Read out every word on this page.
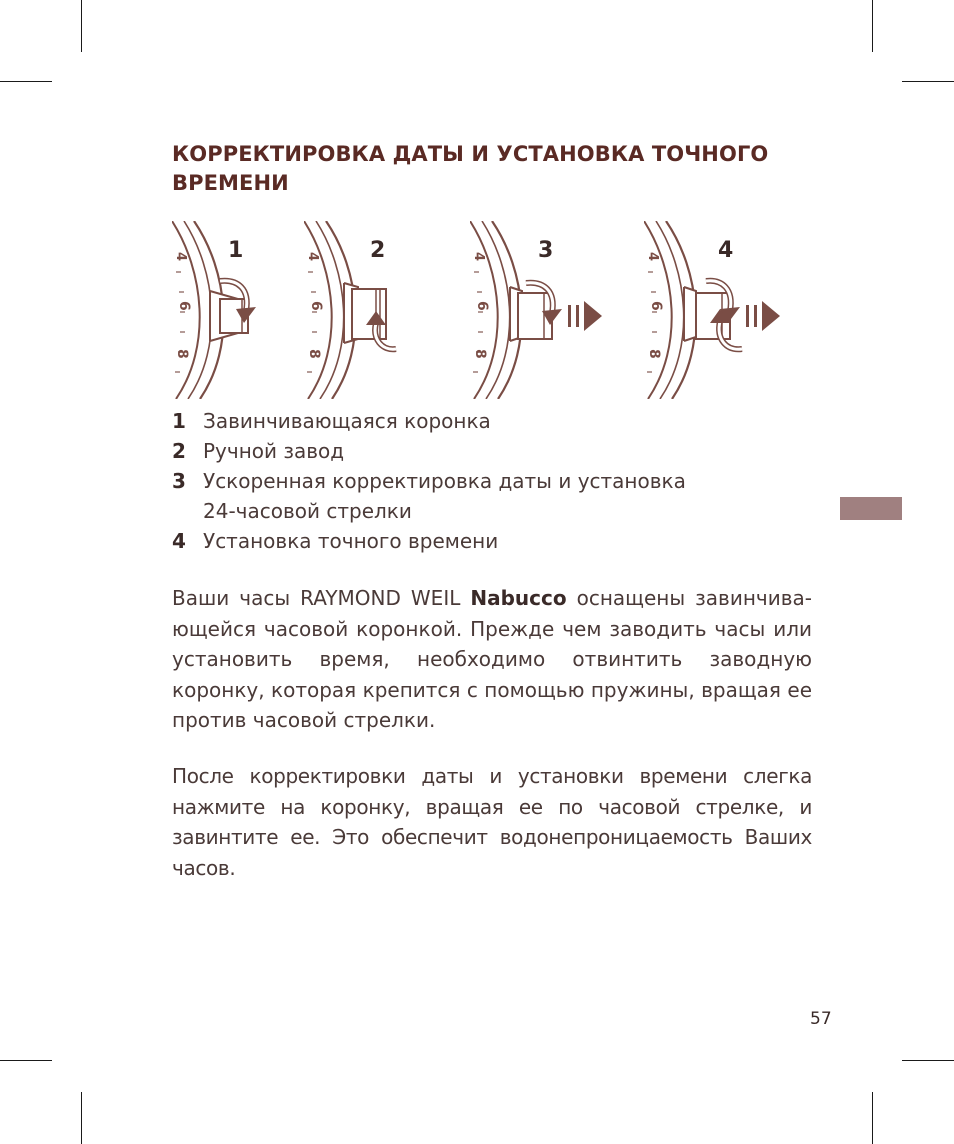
КОРРЕКТИРОВКА ДАТЫ И УСТАНОВКА ТОЧНОГО ВРЕМЕНИ
4
6
8
4
6
8
4
6
8
4
6
8
1	2	3	4
1 Завинчивающаяся коронка
2 Ручной завод
3 Ускоренная корректировка даты и установка
24-часовой стрелки
4 Установка точного времени

Ваши часы RAYMOND WEIL Nabucco оснащены завинчивающейся часовой коронкой. Прежде чем заводить часы или установить время, необходимо отвинтить заводную коронку, которая крепится с помощью пружины, вращая ее против часовой стрелки.

После корректировки даты и установки времени слегка нажмите на коронку, вращая ее по часовой стрелке, и завинтите ее. Это обеспечит водонепроницаемость Ваших часов.

57
